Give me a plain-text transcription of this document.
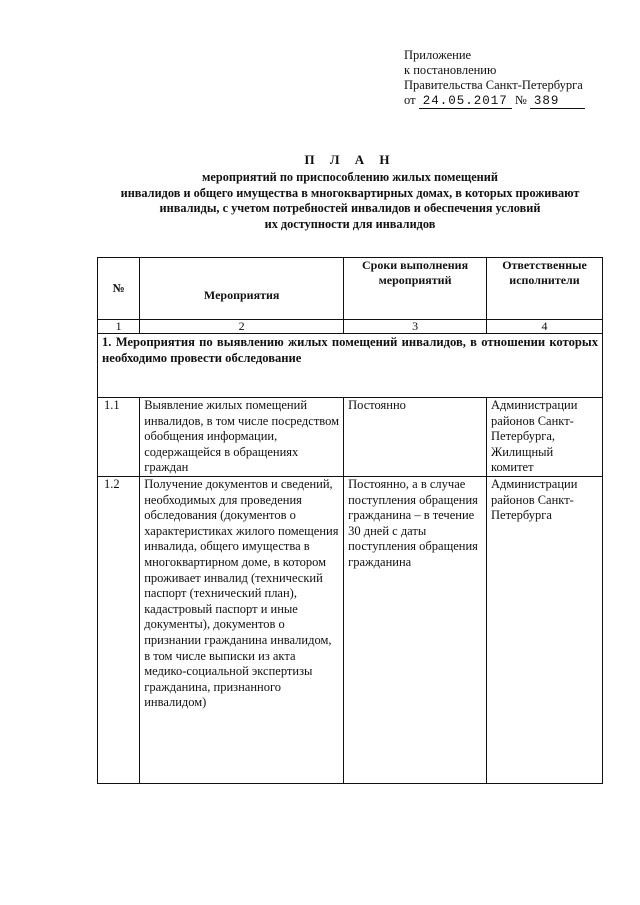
Приложение
к постановлению
Правительства Санкт-Петербурга
от 24.05.2017 № 389
П Л А Н
мероприятий по приспособлению жилых помещений
инвалидов и общего имущества в многоквартирных домах, в которых проживают
инвалиды, с учетом потребностей инвалидов и обеспечения условий
их доступности для инвалидов
№	Мероприятия	Сроки выполнения мероприятий	Ответственные исполнители
1	2	3	4
1. Мероприятия по выявлению жилых помещений инвалидов, в отношении которых необходимо провести обследование			
1.1	Выявление жилых помещений инвалидов, в том числе посредством обобщения информации, содержащейся в обращениях граждан	Постоянно	Администрации районов Санкт-Петербурга, Жилищный комитет
1.2	Получение документов и сведений, необходимых для проведения обследования (документов о характеристиках жилого помещения инвалида, общего имущества в многоквартирном доме, в котором проживает инвалид (технический паспорт (технический план), кадастровый паспорт и иные документы), документов о признании гражданина инвалидом, в том числе выписки из акта медико-социальной экспертизы гражданина, признанного инвалидом)	Постоянно, а в случае поступления обращения гражданина – в течение 30 дней с даты поступления обращения гражданина	Администрации районов Санкт-Петербурга
